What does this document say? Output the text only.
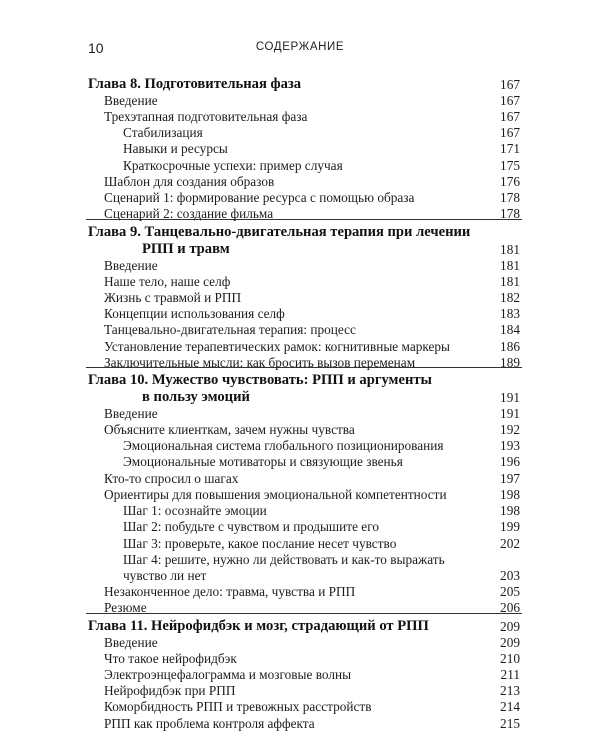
10	СОДЕРЖАНИЕ
Глава 8. Подготовительная фаза	167
Введение	167
Трехэтапная подготовительная фаза	167
Стабилизация	167
Навыки и ресурсы	171
Краткосрочные успехи: пример случая	175
Шаблон для создания образов	176
Сценарий 1: формирование ресурса с помощью образа	178
Сценарий 2: создание фильма	178
Глава 9. Танцевально-двигательная терапия при лечении
РПП и травм	181
Введение	181
Наше тело, наше селф	181
Жизнь с травмой и РПП	182
Концепции использования селф	183
Танцевально-двигательная терапия: процесс	184
Установление терапевтических рамок: когнитивные маркеры	186
Заключительные мысли: как бросить вызов переменам	189
Глава 10. Мужество чувствовать: РПП и аргументы
в пользу эмоций	191
Введение	191
Объясните клиенткам, зачем нужны чувства	192
Эмоциональная система глобального позиционирования	193
Эмоциональные мотиваторы и связующие звенья	196
Кто-то спросил о шагах	197
Ориентиры для повышения эмоциональной компетентности	198
Шаг 1: осознайте эмоции	198
Шаг 2: побудьте с чувством и продышите его	199
Шаг 3: проверьте, какое послание несет чувство	202
Шаг 4: решите, нужно ли действовать и как-то выражать
чувство ли нет	203
Незаконченное дело: травма, чувства и РПП	205
Резюме	206
Глава 11. Нейрофидбэк и мозг, страдающий от РПП	209
Введение	209
Что такое нейрофидбэк	210
Электроэнцефалограмма и мозговые волны	211
Нейрофидбэк при РПП	213
Коморбидность РПП и тревожных расстройств	214
РПП как проблема контроля аффекта	215
